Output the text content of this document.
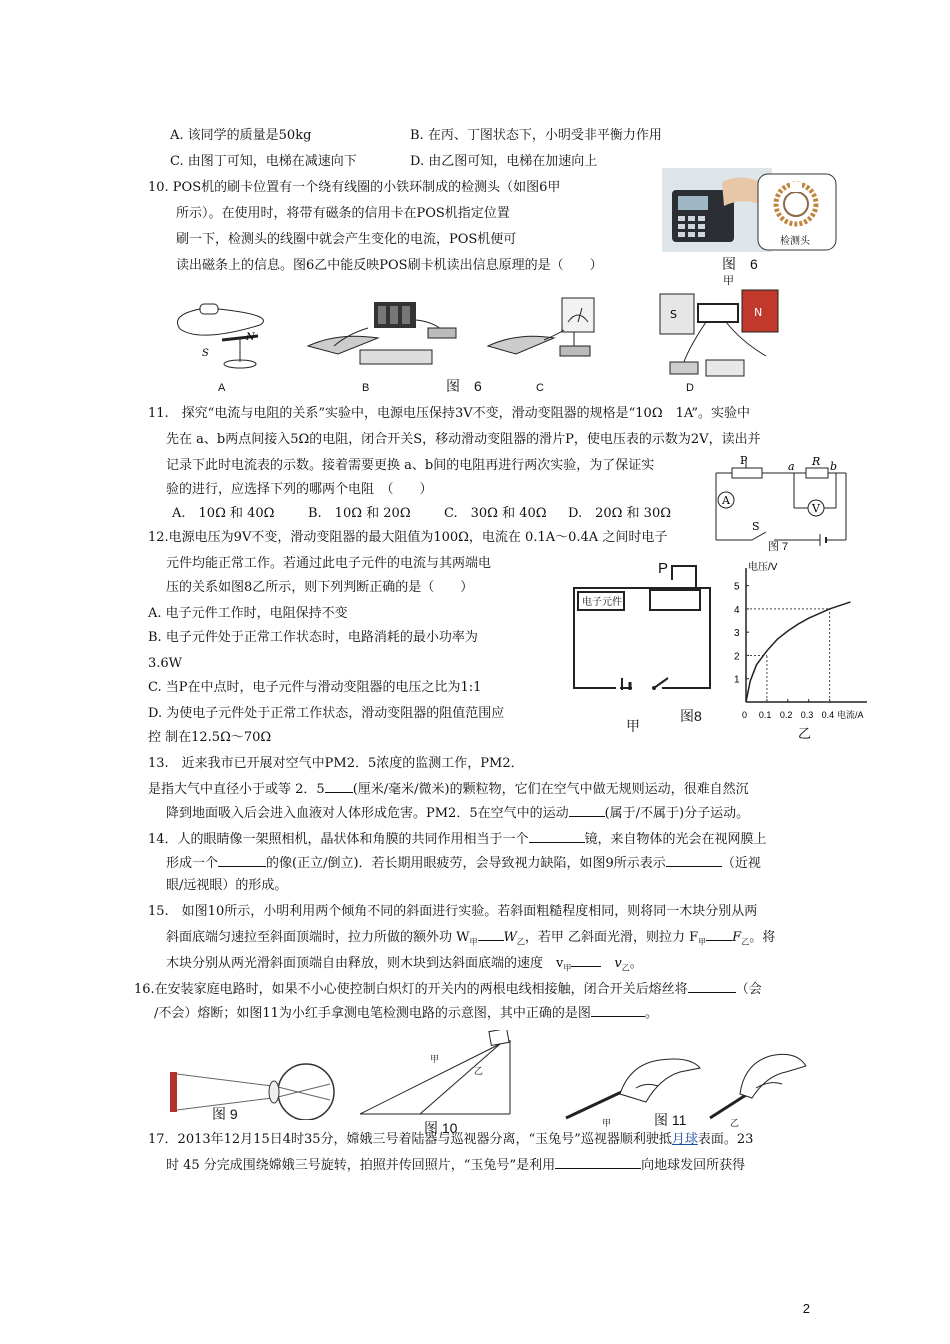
A. 该同学的质量是50kg	B. 在丙、丁图状态下，小明受非平衡力作用
C. 由图丁可知，电梯在减速向下	D. 由乙图可知，电梯在加速向上
10. POS机的刷卡位置有一个绕有线圈的小铁环制成的检测头（如图6甲
所示）。在使用时，将带有磁条的信用卡在POS机指定位置
刷一下，检测头的线圈中就会产生变化的电流，POS机便可
读出磁条上的信息。图6乙中能反映POS刷卡机读出信息原理的是（　　）
检测头
图　6
甲
S
N
A	B	图　6	C
S	N
D
11.　探究“电流与电阻的关系”实验中，电源电压保持3V不变，滑动变阻器的规格是“10Ω　1A”。实验中
先在 a、b两点间接入5Ω的电阻，闭合开关S，移动滑动变阻器的滑片P，使电压表的示数为2V，读出并
记录下此时电流表的示数。接着需要更换 a、b间的电阻再进行两次实验，为了保证实
验的进行，应选择下列的哪两个电阻　（　　）
A.　10Ω 和 40Ω	B.　10Ω 和 20Ω	C.　30Ω 和 40Ω D.　20Ω 和 30Ω
P	a R b
A
V
S
图 7
12.电源电压为9V不变，滑动变阻器的最大阻值为100Ω，电流在 0.1A～0.4A 之间时电子
元件均能正常工作。若通过此电子元件的电流与其两端电
压的关系如图8乙所示，则下列判断正确的是（　　）
A. 电子元件工作时，电阻保持不变
B. 电子元件处于正常工作状态时，电路消耗的最小功率为
3.6W
C. 当P在中点时，电子元件与滑动变阻器的电压之比为1:1
D. 为使电子元件处于正常工作状态，滑动变阻器的阻值范围应
控 制在12.5Ω～70Ω
电子元件
P
甲
图8
电压/V
电流/A
1
2
3
4
5
0 0.1 0.2 0.3 0.4
乙
13.　近来我市已开展对空气中PM2．5浓度的监测工作，PM2．
是指大气中直径小于或等 2．5 (厘米/毫米/微米)的颗粒物，它们在空气中做无规则运动，很难自然沉
降到地面吸入后会进入血液对人体形成危害。PM2．5在空气中的运动	(属于/不属于)分子运动。
14．人的眼睛像一架照相机，晶状体和角膜的共同作用相当于一个	镜，来自物体的光会在视网膜上
形成一个	的像(正立/倒立)．若长期用眼疲劳，会导致视力缺陷，如图9所示表示	（近视
眼/远视眼）的形成。
15.　如图10所示，小明利用两个倾角不同的斜面进行实验。若斜面粗糙程度相同，则将同一木块分别从两
斜面底端匀速拉至斜面顶端时，拉力所做的额外功 $W_甲$ $W_乙$，若甲 乙斜面光滑，则拉力 $F_甲$ $F_乙$。将
木块分别从两光滑斜面顶端自由释放，则木块到达斜面底端的速度　$v_甲$　	$v_乙$。
16.在安装家庭电路时，如果不小心使控制白炽灯的开关内的两根电线相接触，闭合开关后熔丝将	（会
/不会）熔断；如图11为小红手拿测电笔检测电路的示意图，其中正确的是图	。
图 9
甲
乙
图 10	甲	乙
图 11
17．2013年12月15日4时35分，嫦娥三号着陆器与巡视器分离，“玉兔号”巡视器顺利驶抵月球表面。23
时 45 分完成围绕嫦娥三号旋转，拍照并传回照片，“玉兔号”是利用	向地球发回所获得
2
